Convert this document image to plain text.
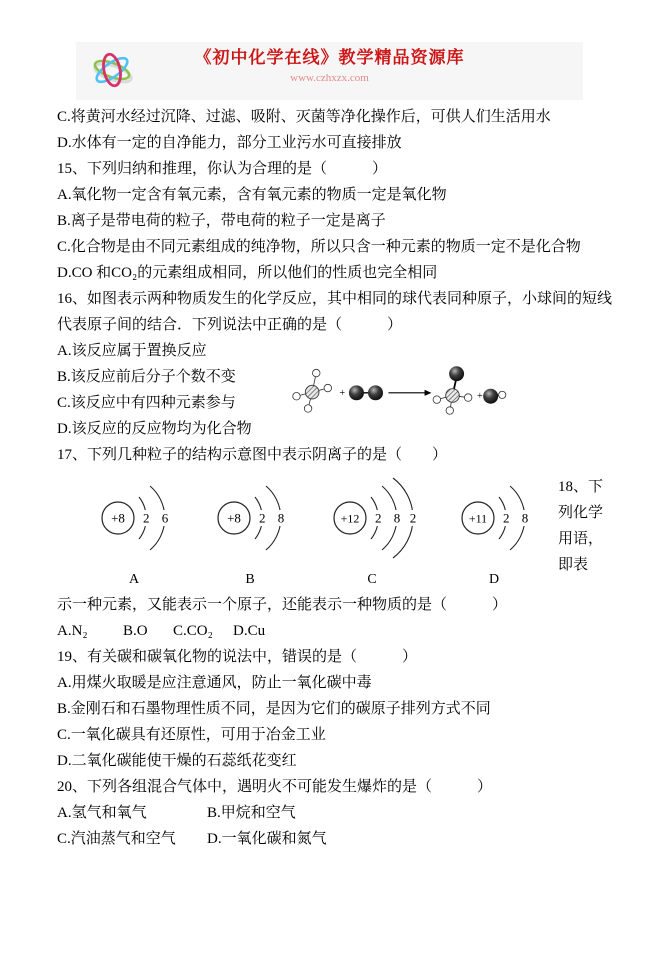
《初中化学在线》教学精品资源库
www.czhxzx.com

C.将黄河水经过沉降、过滤、吸附、灭菌等净化操作后，可供人们生活用水

D.水体有一定的自净能力，部分工业污水可直接排放

15、下列归纳和推理，你认为合理的是（　　　）

A.氧化物一定含有氧元素，含有氧元素的物质一定是氧化物

B.离子是带电荷的粒子，带电荷的粒子一定是离子

C.化合物是由不同元素组成的纯净物，所以只含一种元素的物质一定不是化合物

D.CO 和CO₂的元素组成相同，所以他们的性质也完全相同

16、如图表示两种物质发生的化学反应，其中相同的球代表同种原子，小球间的短线代表原子间的结合．下列说法中正确的是（　　　）

A.该反应属于置换反应

B.该反应前后分子个数不变

C.该反应中有四种元素参与

D.该反应的反应物均为化合物

+	+

17、下列几种粒子的结构示意图中表示阴离子的是（　　）

+8 2 6
A
+8 2 8
B
+12 2 8 2
C
+11 2 8
D
18、下列化学用语，即表

示一种元素，又能表示一个原子，还能表示一种物质的是（　　　）

A.N₂	B.O	C.CO₂	D.Cu

19、有关碳和碳氧化物的说法中，错误的是（　　　）

A.用煤火取暖是应注意通风，防止一氧化碳中毒

B.金刚石和石墨物理性质不同，是因为它们的碳原子排列方式不同

C.一氧化碳具有还原性，可用于冶金工业

D.二氧化碳能使干燥的石蕊纸花变红

20、下列各组混合气体中，遇明火不可能发生爆炸的是（　　　）

A.氢气和氧气	B.甲烷和空气
C.汽油蒸气和空气	D.一氧化碳和氮气
